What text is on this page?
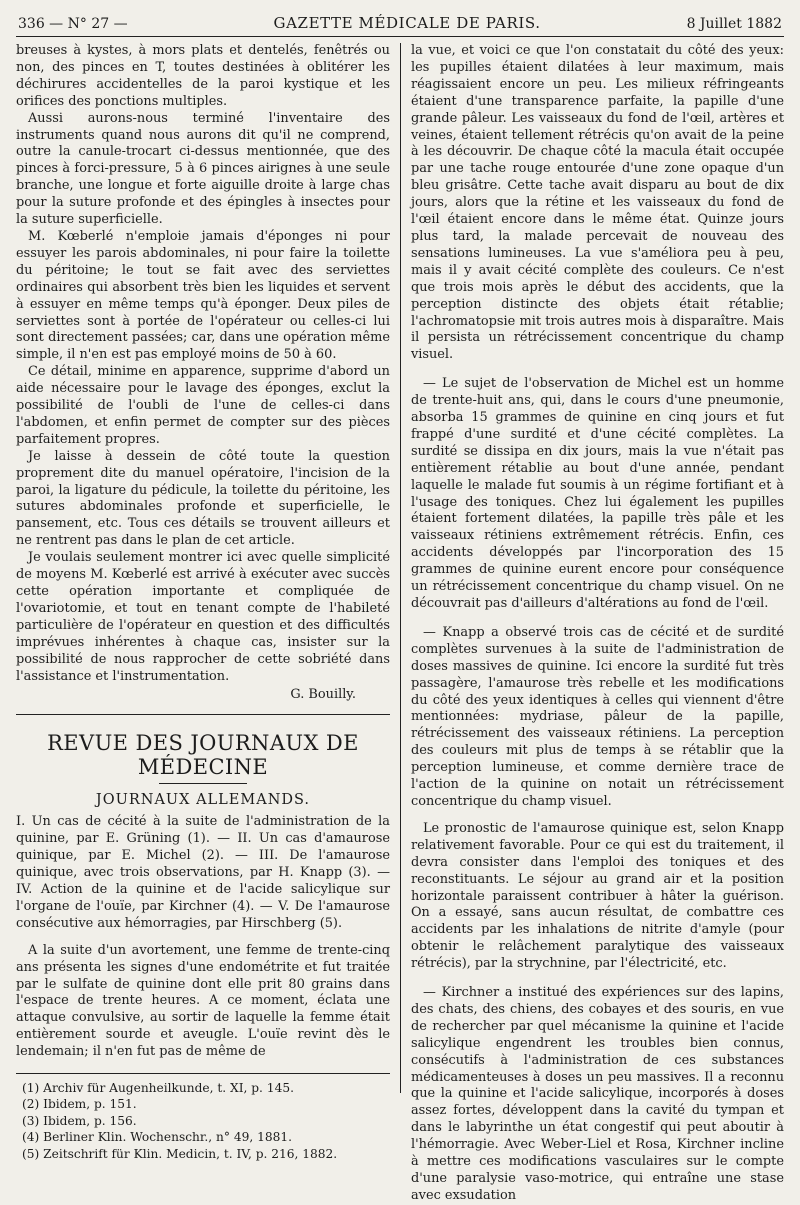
336 — N° 27 —	GAZETTE MÉDICALE DE PARIS.	8 Juillet 1882

breuses à kystes, à mors plats et dentelés, fenêtrés ou non, des pinces en T, toutes destinées à oblitérer les déchirures accidentelles de la paroi kystique et les orifices des ponctions multiples.

Aussi aurons-nous terminé l'inventaire des instruments quand nous aurons dit qu'il ne comprend, outre la canule-trocart ci-dessus mentionnée, que des pinces à forci-pressure, 5 à 6 pinces airignes à une seule branche, une longue et forte aiguille droite à large chas pour la suture profonde et des épingles à insectes pour la suture superficielle.

M. Kœberlé n'emploie jamais d'éponges ni pour essuyer les parois abdominales, ni pour faire la toilette du péritoine; le tout se fait avec des serviettes ordinaires qui absorbent très bien les liquides et servent à essuyer en même temps qu'à éponger. Deux piles de serviettes sont à portée de l'opérateur ou celles-ci lui sont directement passées; car, dans une opération même simple, il n'en est pas employé moins de 50 à 60.

Ce détail, minime en apparence, supprime d'abord un aide nécessaire pour le lavage des éponges, exclut la possibilité de l'oubli de l'une de celles-ci dans l'abdomen, et enfin permet de compter sur des pièces parfaitement propres.

Je laisse à dessein de côté toute la question proprement dite du manuel opératoire, l'incision de la paroi, la ligature du pédicule, la toilette du péritoine, les sutures abdominales profonde et superficielle, le pansement, etc. Tous ces détails se trouvent ailleurs et ne rentrent pas dans le plan de cet article.

Je voulais seulement montrer ici avec quelle simplicité de moyens M. Kœberlé est arrivé à exécuter avec succès cette opération importante et compliquée de l'ovariotomie, et tout en tenant compte de l'habileté particulière de l'opérateur en question et des difficultés imprévues inhérentes à chaque cas, insister sur la possibilité de nous rapprocher de cette sobriété dans l'assistance et l'instrumentation.

G. Bouilly.
REVUE DES JOURNAUX DE MÉDECINE
JOURNAUX ALLEMANDS.

I. Un cas de cécité à la suite de l'administration de la quinine, par E. Grüning (1). — II. Un cas d'amaurose quinique, par E. Michel (2). — III. De l'amaurose quinique, avec trois observations, par H. Knapp (3). — IV. Action de la quinine et de l'acide salicylique sur l'organe de l'ouïe, par Kirchner (4). — V. De l'amaurose consécutive aux hémorragies, par Hirschberg (5).

A la suite d'un avortement, une femme de trente-cinq ans présenta les signes d'une endométrite et fut traitée par le sulfate de quinine dont elle prit 80 grains dans l'espace de trente heures. A ce moment, éclata une attaque convulsive, au sortir de laquelle la femme était entièrement sourde et aveugle. L'ouïe revint dès le lendemain; il n'en fut pas de même de

(1) Archiv für Augenheilkunde, t. XI, p. 145.
(2) Ibidem, p. 151.
(3) Ibidem, p. 156.
(4) Berliner Klin. Wochenschr., n° 49, 1881.
(5) Zeitschrift für Klin. Medicin, t. IV, p. 216, 1882.

la vue, et voici ce que l'on constatait du côté des yeux: les pupilles étaient dilatées à leur maximum, mais réagissaient encore un peu. Les milieux réfringeants étaient d'une transparence parfaite, la papille d'une grande pâleur. Les vaisseaux du fond de l'œil, artères et veines, étaient tellement rétrécis qu'on avait de la peine à les découvrir. De chaque côté la macula était occupée par une tache rouge entourée d'une zone opaque d'un bleu grisâtre. Cette tache avait disparu au bout de dix jours, alors que la rétine et les vaisseaux du fond de l'œil étaient encore dans le même état. Quinze jours plus tard, la malade percevait de nouveau des sensations lumineuses. La vue s'améliora peu à peu, mais il y avait cécité complète des couleurs. Ce n'est que trois mois après le début des accidents, que la perception distincte des objets était rétablie; l'achromatopsie mit trois autres mois à disparaître. Mais il persista un rétrécissement concentrique du champ visuel.

— Le sujet de l'observation de Michel est un homme de trente-huit ans, qui, dans le cours d'une pneumonie, absorba 15 grammes de quinine en cinq jours et fut frappé d'une surdité et d'une cécité complètes. La surdité se dissipa en dix jours, mais la vue n'était pas entièrement rétablie au bout d'une année, pendant laquelle le malade fut soumis à un régime fortifiant et à l'usage des toniques. Chez lui également les pupilles étaient fortement dilatées, la papille très pâle et les vaisseaux rétiniens extrêmement rétrécis. Enfin, ces accidents développés par l'incorporation des 15 grammes de quinine eurent encore pour conséquence un rétrécissement concentrique du champ visuel. On ne découvrait pas d'ailleurs d'altérations au fond de l'œil.

— Knapp a observé trois cas de cécité et de surdité complètes survenues à la suite de l'administration de doses massives de quinine. Ici encore la surdité fut très passagère, l'amaurose très rebelle et les modifications du côté des yeux identiques à celles qui viennent d'être mentionnées: mydriase, pâleur de la papille, rétrécissement des vaisseaux rétiniens. La perception des couleurs mit plus de temps à se rétablir que la perception lumineuse, et comme dernière trace de l'action de la quinine on notait un rétrécissement concentrique du champ visuel.

Le pronostic de l'amaurose quinique est, selon Knapp relativement favorable. Pour ce qui est du traitement, il devra consister dans l'emploi des toniques et des reconstituants. Le séjour au grand air et la position horizontale paraissent contribuer à hâter la guérison. On a essayé, sans aucun résultat, de combattre ces accidents par les inhalations de nitrite d'amyle (pour obtenir le relâchement paralytique des vaisseaux rétrécis), par la strychnine, par l'électricité, etc.

— Kirchner a institué des expériences sur des lapins, des chats, des chiens, des cobayes et des souris, en vue de rechercher par quel mécanisme la quinine et l'acide salicylique engendrent les troubles bien connus, consécutifs à l'administration de ces substances médicamenteuses à doses un peu massives. Il a reconnu que la quinine et l'acide salicylique, incorporés à doses assez fortes, développent dans la cavité du tympan et dans le labyrinthe un état congestif qui peut aboutir à l'hémorragie. Avec Weber-Liel et Rosa, Kirchner incline à mettre ces modifications vasculaires sur le compte d'une paralysie vaso-motrice, qui entraîne une stase avec exsudation
